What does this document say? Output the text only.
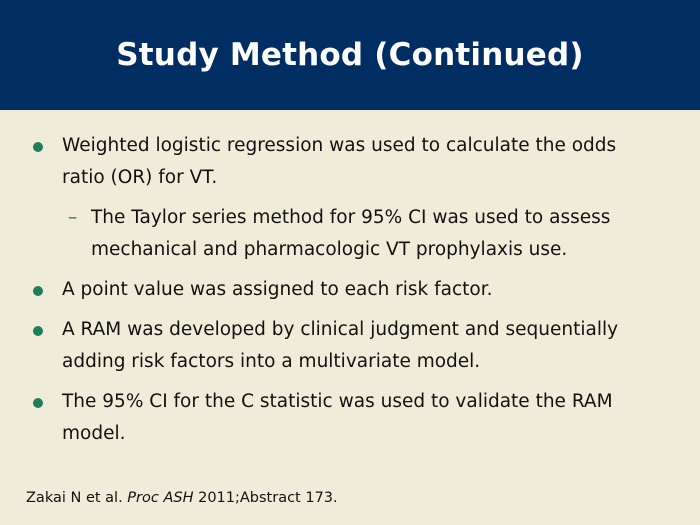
Study Method (Continued)
Weighted logistic regression was used to calculate the odds ratio (OR) for VT.
– The Taylor series method for 95% CI was used to assess mechanical and pharmacologic VT prophylaxis use.
A point value was assigned to each risk factor.
A RAM was developed by clinical judgment and sequentially adding risk factors into a multivariate model.
The 95% CI for the C statistic was used to validate the RAM model.
Zakai N et al. Proc ASH 2011;Abstract 173.
